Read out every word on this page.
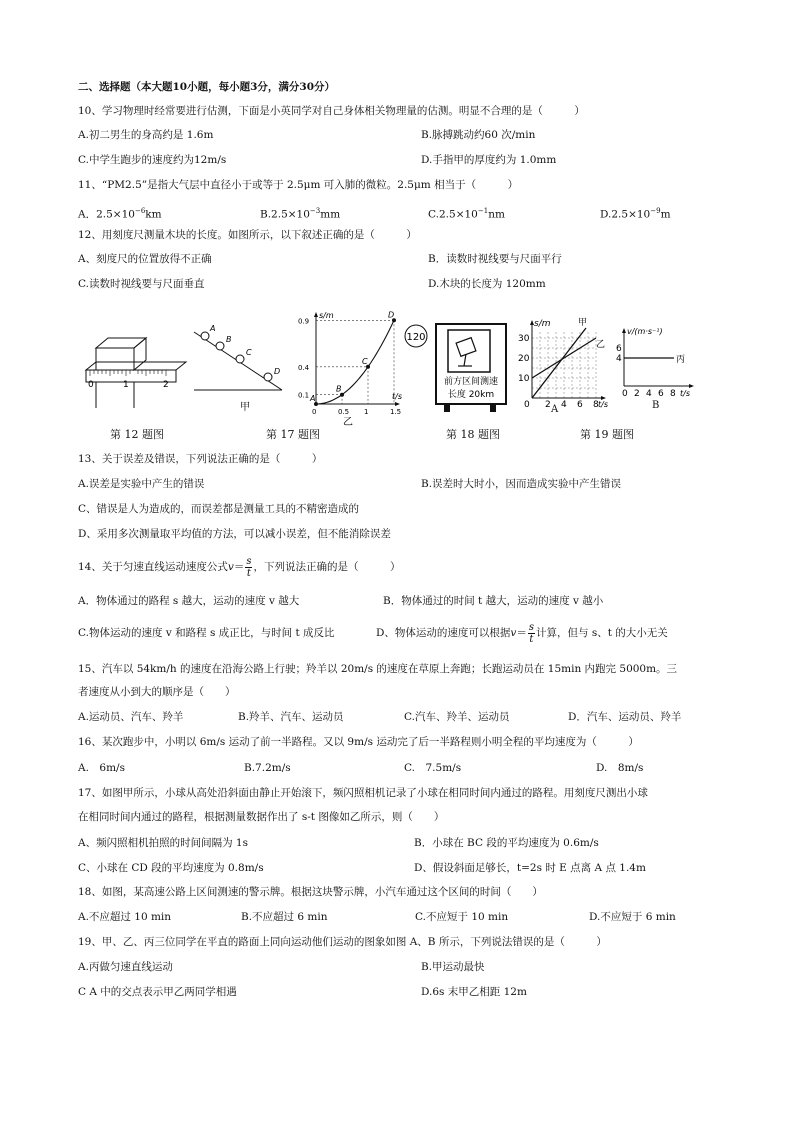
二、选择题（本大题10小题，每小题3分，满分30分）
10、学习物理时经常要进行估测，下面是小英同学对自己身体相关物理量的估测。明显不合理的是（　　　）
A.初二男生的身高约是 1.6m	B.脉搏跳动约60 次/min
C.中学生跑步的速度约为12m/s	D.手指甲的厚度约为 1.0mm
11、“PM2.5”是指大气层中直径小于或等于 2.5μm 可入肺的微粒。2.5μm 相当于（　　　）
A．$2.5\times 10^{-6}km$	$B.2.5\times 10^{-3}mm$	$C.2.5\times 10^{-1}nm$	$D.2.5\times 10^{-9}m$
12、用刻度尺测量木块的长度。如图所示，以下叙述正确的是（　　　）
A、刻度尺的位置放得不正确	B．读数时视线要与尺面平行
C.读数时视线要与尺面垂直	D.木块的长度为 120mm
0	1	2
A
B
C
D
甲
s/m
t/s
A
B
C
D
0.9
0.4
0.1
0	0.5 1	1.5
乙
120
前方区间测速
长度 20km
s/m	甲
乙
30
20
10
0 2 4 6 8 t/s
A
v/(m·s⁻¹)
丙
6
4
0 2 4 6 8 t/s
B
第 12 题图	第 17 题图	第 18 题图	第 19 题图
13、关于误差及错误，下列说法正确的是（　　　）
A.误差是实验中产生的错误	B.误差时大时小，因而造成实验中产生错误
C、错误是人为造成的，而误差都是测量工具的不精密造成的
D、采用多次测量取平均值的方法，可以减小误差，但不能消除误差
14、关于匀速直线运动速度公式$v= \frac{s}{t}$ ，下列说法正确的是（　　　）
A．物体通过的路程 s 越大，运动的速度 v 越大	B．物体通过的时间 t 越大，运动的速度 v 越小
C.物体运动的速度 v 和路程 s 成正比，与时间 t 成反比	D、物体运动的速度可以根据$v= \frac{s}{t}$ 计算，但与 s、t 的大小无关
15、汽车以 54km/h 的速度在沿海公路上行驶；羚羊以 20m/s 的速度在草原上奔跑；长跑运动员在 15min 内跑完 5000m。三
者速度从小到大的顺序是（　　）
A.运动员、汽车、羚羊	B.羚羊、汽车、运动员	C.汽车、羚羊、运动员	D．汽车、运动员、羚羊
16、某次跑步中，小明以 6m/s 运动了前一半路程。又以 9m/s 运动完了后一半路程则小明全程的平均速度为（　　　）
A.　6m/s	B.7.2m/s	C.　7.5m/s	D.　8m/s
17、如图甲所示，小球从高处沿斜面由静止开始滚下，频闪照相机记录了小球在相同时间内通过的路程。用刻度尺测出小球
在相同时间内通过的路程，根据测量数据作出了 s-t 图像如乙所示，则（　　）
A、频闪照相机拍照的时间间隔为 1s	B．小球在 BC 段的平均速度为 0.6m/s
C、小球在 CD 段的平均速度为 0.8m/s	D、假设斜面足够长，t=2s 时 E 点离 A 点 1.4m
18、如图，某高速公路上区间测速的警示牌。根据这块警示牌，小汽车通过这个区间的时间（　　）
A.不应超过 10 min	B.不应超过 6 min	C.不应短于 10 min	D.不应短于 6 min
19、甲、乙、丙三位同学在平直的路面上同向运动他们运动的图象如图 A、B 所示，下列说法错误的是（　　　）
A.丙做匀速直线运动	B.甲运动最快
C A 中的交点表示甲乙两同学相遇	D.6s 末甲乙相距 12m
